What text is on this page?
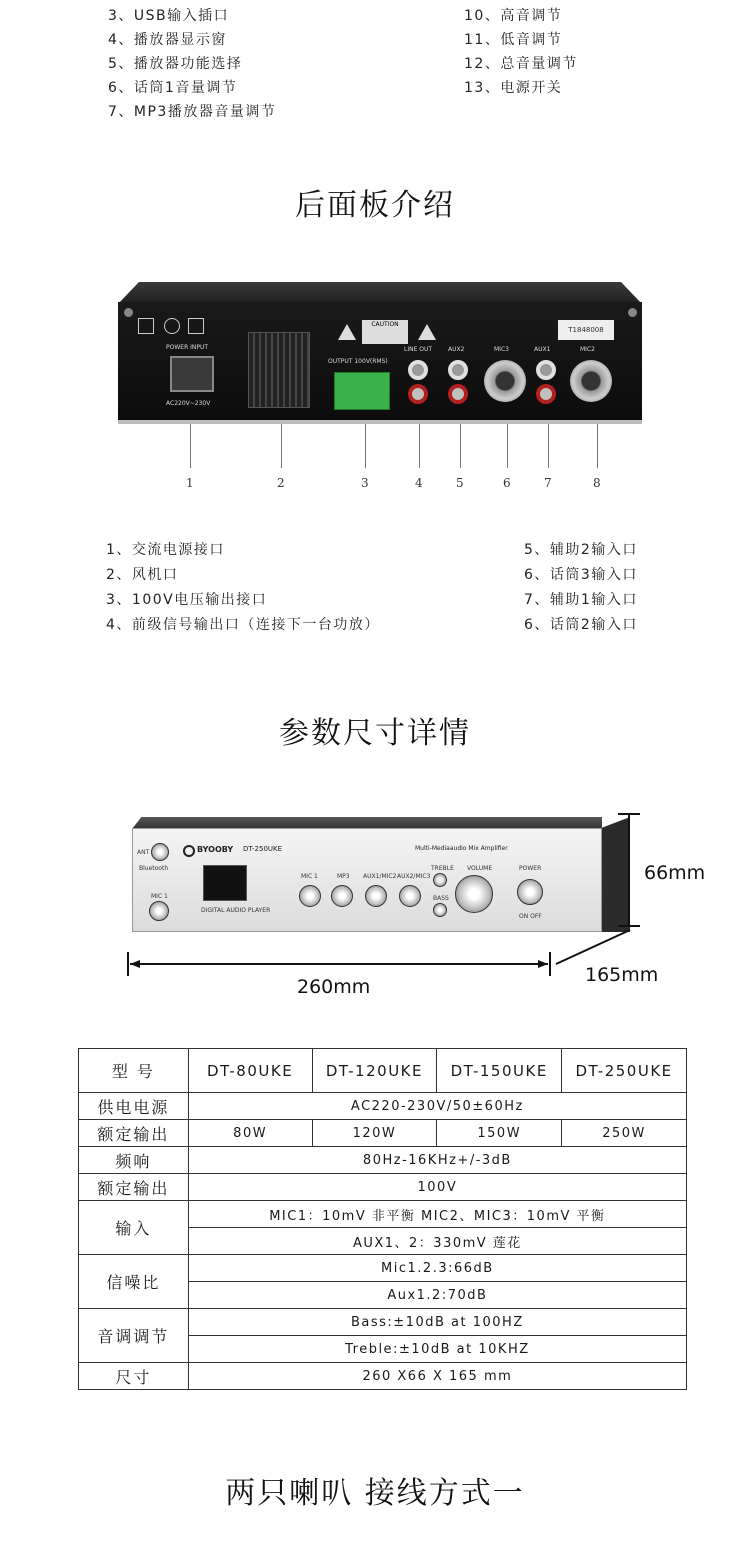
3、USB输入插口
4、播放器显示窗
5、播放器功能选择
6、话筒1音量调节
7、MP3播放器音量调节
10、高音调节
11、低音调节
12、总音量调节
13、电源开关
后面板介绍
POWER INPUT
AC220V~230V
OUTPUT 100V(RMS)
CAUTION
LINE OUT	AUX2	MIC3	AUX1
T1848008
MIC2
1	2	3	4	5	6	7	8
1、交流电源接口
2、风机口
3、100V电压输出接口
4、前级信号输出口（连接下一台功放）
5、辅助2输入口
6、话筒3输入口
7、辅助1输入口
6、话筒2输入口
参数尺寸详情
ANT
Bluetooth
MIC 1
BYOOBY DT-250UKE	Multi-Mediaaudio Mix Amplifier
DIGITAL AUDIO PLAYER
MIC 1	MP3 AUX1/MIC2 AUX2/MIC3
TREBLE
BASS
VOLUME	POWER
ON OFF
66mm
260mm
165mm
型 号	DT-80UKE	DT-120UKE	DT-150UKE	DT-250UKE
供电电源	AC220-230V/50±60Hz			
额定输出	80W	120W	150W	250W
频响	80Hz-16KHz+/-3dB			
额定输出	100V			
输入	MIC1：10mV 非平衡 MIC2、MIC3：10mV 平衡			
	AUX1、2：330mV 莲花			
信噪比	Mic1.2.3:66dB			
	Aux1.2:70dB			
音调调节	Bass:±10dB at 100HZ			
	Treble:±10dB at 10KHZ			
尺寸	260 X66 X 165 mm			
两只喇叭 接线方式一
